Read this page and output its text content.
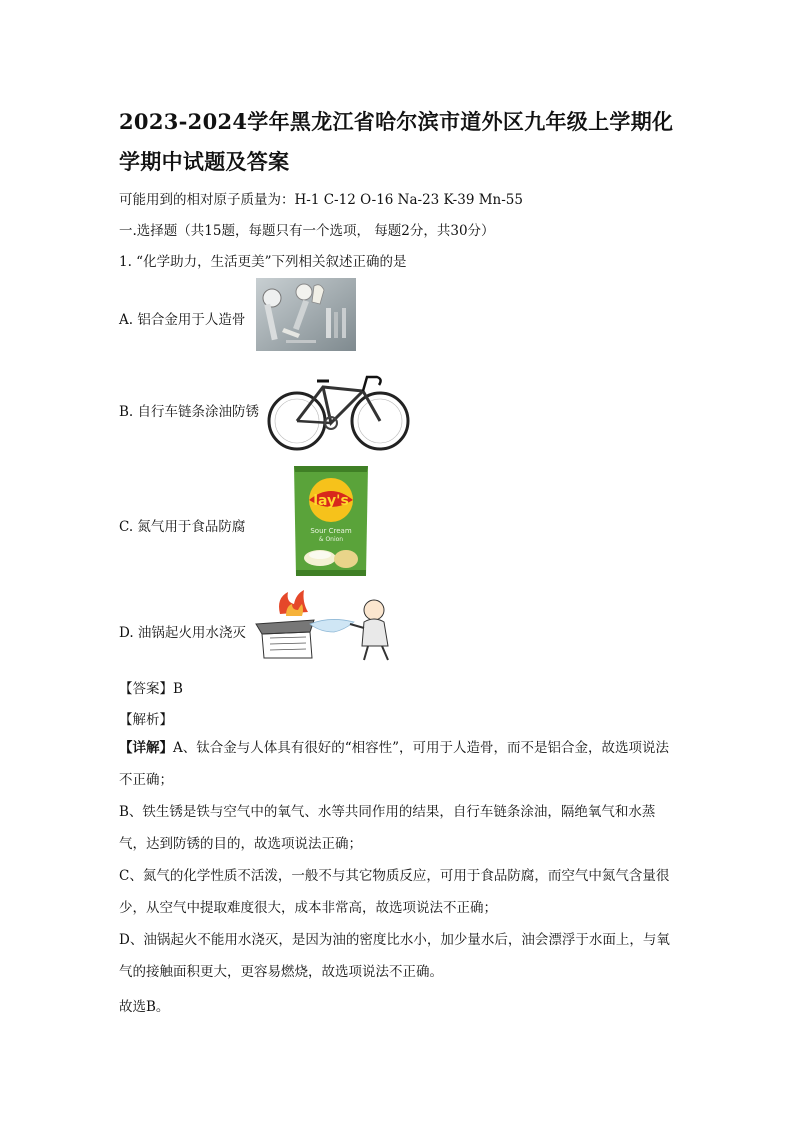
2023-2024学年黑龙江省哈尔滨市道外区九年级上学期化学期中试题及答案
可能用到的相对原子质量为：H-1 C-12 O-16 Na-23 K-39 Mn-55
一.选择题（共15题，每题只有一个选项， 每题2分，共30分）
1. “化学助力，生活更美”下列相关叙述正确的是
A. 铝合金用于人造骨
B. 自行车链条涂油防锈
C. 氮气用于食品防腐
lay's
Sour Cream
& Onion
D. 油锅起火用水浇灭
【答案】B
【解析】
【详解】A、钛合金与人体具有很好的“相容性”，可用于人造骨，而不是铝合金，故选项说法不正确；
B、铁生锈是铁与空气中的氧气、水等共同作用的结果，自行车链条涂油，隔绝氧气和水蒸气，达到防锈的目的，故选项说法正确；
C、氮气的化学性质不活泼，一般不与其它物质反应，可用于食品防腐，而空气中氮气含量很少，从空气中提取难度很大，成本非常高，故选项说法不正确；
D、油锅起火不能用水浇灭，是因为油的密度比水小，加少量水后，油会漂浮于水面上，与氧气的接触面积更大，更容易燃烧，故选项说法不正确。
故选B。
